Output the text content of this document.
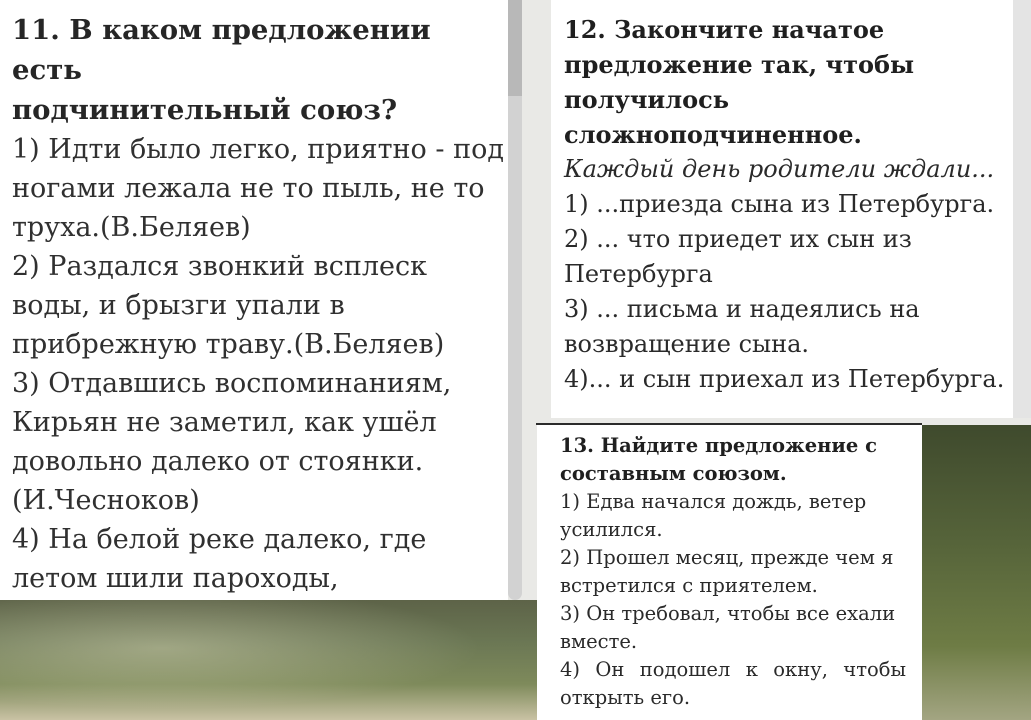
11. В каком предложении есть
подчинительный союз?
1) Идти было легко, приятно - под
ногами лежала не то пыль, не то
труха.(В.Беляев)
2) Раздался звонкий всплеск
воды, и брызги упали в
прибрежную траву.(В.Беляев)
3) Отдавшись воспоминаниям,
Кирьян не заметил, как ушёл
довольно далеко от стоянки.
(И.Чесноков)
4) На белой реке далеко, где
летом шили пароходы,
12. Закончите начатое
предложение так, чтобы
получилось
сложноподчиненное.
Каждый день родители ждали...
1) ...приезда сына из Петербурга.
2) ... что приедет их сын из
Петербурга
3) ... письма и надеялись на
возвращение сына.
4)... и сын приехал из Петербурга.
13. Найдите предложение с
составным союзом.
1) Едва начался дождь, ветер
усилился.
2) Прошел месяц, прежде чем я
встретился с приятелем.
3) Он требовал, чтобы все ехали
вместе.
4) Он подошел к окну, чтобы
открыть его.
